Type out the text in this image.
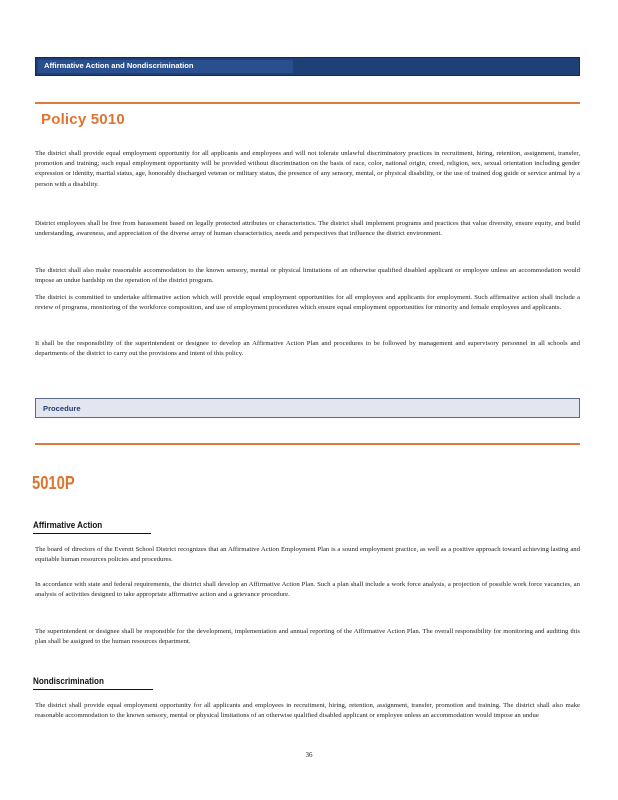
Affirmative Action and Nondiscrimination
Policy 5010
The district shall provide equal employment opportunity for all applicants and employees and will not tolerate unlawful discriminatory practices in recruitment, hiring, retention, assignment, transfer, promotion and training; such equal employment opportunity will be provided without discrimination on the basis of race, color, national origin, creed, religion, sex, sexual orientation including gender expression or identity, marital status, age, honorably discharged veteran or military status, the presence of any sensory, mental, or physical disability, or the use of trained dog guide or service animal by a person with a disability.
District employees shall be free from harassment based on legally protected attributes or characteristics. The district shall implement programs and practices that value diversity, ensure equity, and build understanding, awareness, and appreciation of the diverse array of human characteristics, needs and perspectives that influence the district environment.
The district shall also make reasonable accommodation to the known sensory, mental or physical limitations of an otherwise qualified disabled applicant or employee unless an accommodation would impose an undue hardship on the operation of the district program.
The district is committed to undertake affirmative action which will provide equal employment opportunities for all employees and applicants for employment. Such affirmative action shall include a review of programs, monitoring of the workforce composition, and use of employment procedures which ensure equal employment opportunities for minority and female employees and applicants.
It shall be the responsibility of the superintendent or designee to develop an Affirmative Action Plan and procedures to be followed by management and supervisory personnel in all schools and departments of the district to carry out the provisions and intent of this policy.
Procedure
5010P
Affirmative Action
The board of directors of the Everett School District recognizes that an Affirmative Action Employment Plan is a sound employment practice, as well as a positive approach toward achieving lasting and equitable human resources policies and procedures.
In accordance with state and federal requirements, the district shall develop an Affirmative Action Plan. Such a plan shall include a work force analysis, a projection of possible work force vacancies, an analysis of activities designed to take appropriate affirmative action and a grievance procedure.
The superintendent or designee shall be responsible for the development, implementation and annual reporting of the Affirmative Action Plan. The overall responsibility for monitoring and auditing this plan shall be assigned to the human resources department.
Nondiscrimination
The district shall provide equal employment opportunity for all applicants and employees in recruitment, hiring, retention, assignment, transfer, promotion and training. The district shall also make reasonable accommodation to the known sensory, mental or physical limitations of an otherwise qualified disabled applicant or employee unless an accommodation would impose an undue
36
